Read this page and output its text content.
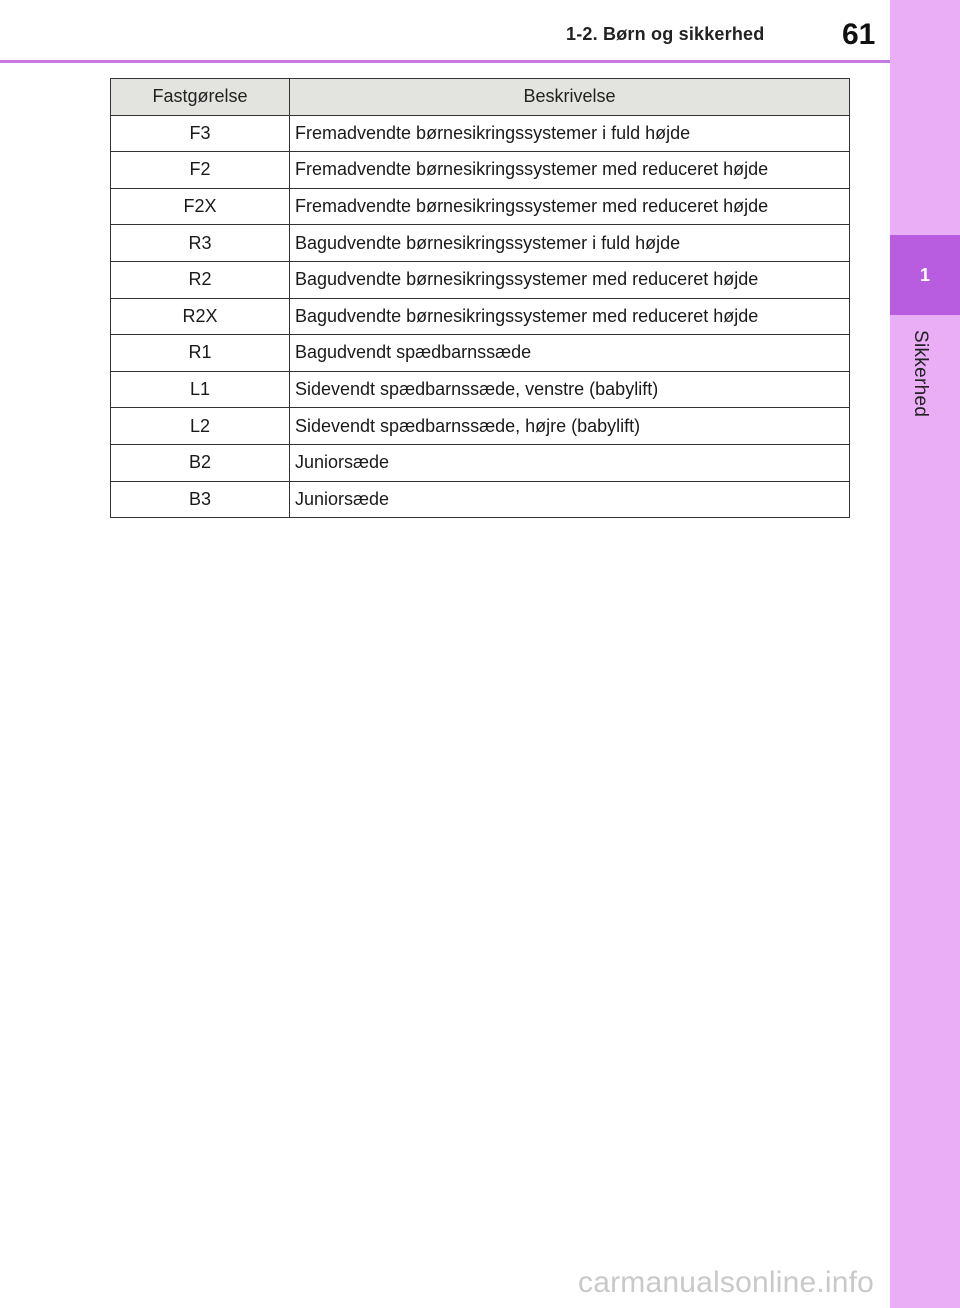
1-2. Børn og sikkerhed	61
1
Sikkerhed
Fastgørelse	Beskrivelse
F3	Fremadvendte børnesikringssystemer i fuld højde
F2	Fremadvendte børnesikringssystemer med reduceret højde
F2X	Fremadvendte børnesikringssystemer med reduceret højde
R3	Bagudvendte børnesikringssystemer i fuld højde
R2	Bagudvendte børnesikringssystemer med reduceret højde
R2X	Bagudvendte børnesikringssystemer med reduceret højde
R1	Bagudvendt spædbarnssæde
L1	Sidevendt spædbarnssæde, venstre (babylift)
L2	Sidevendt spædbarnssæde, højre (babylift)
B2	Juniorsæde
B3	Juniorsæde
carmanualsonline.info
